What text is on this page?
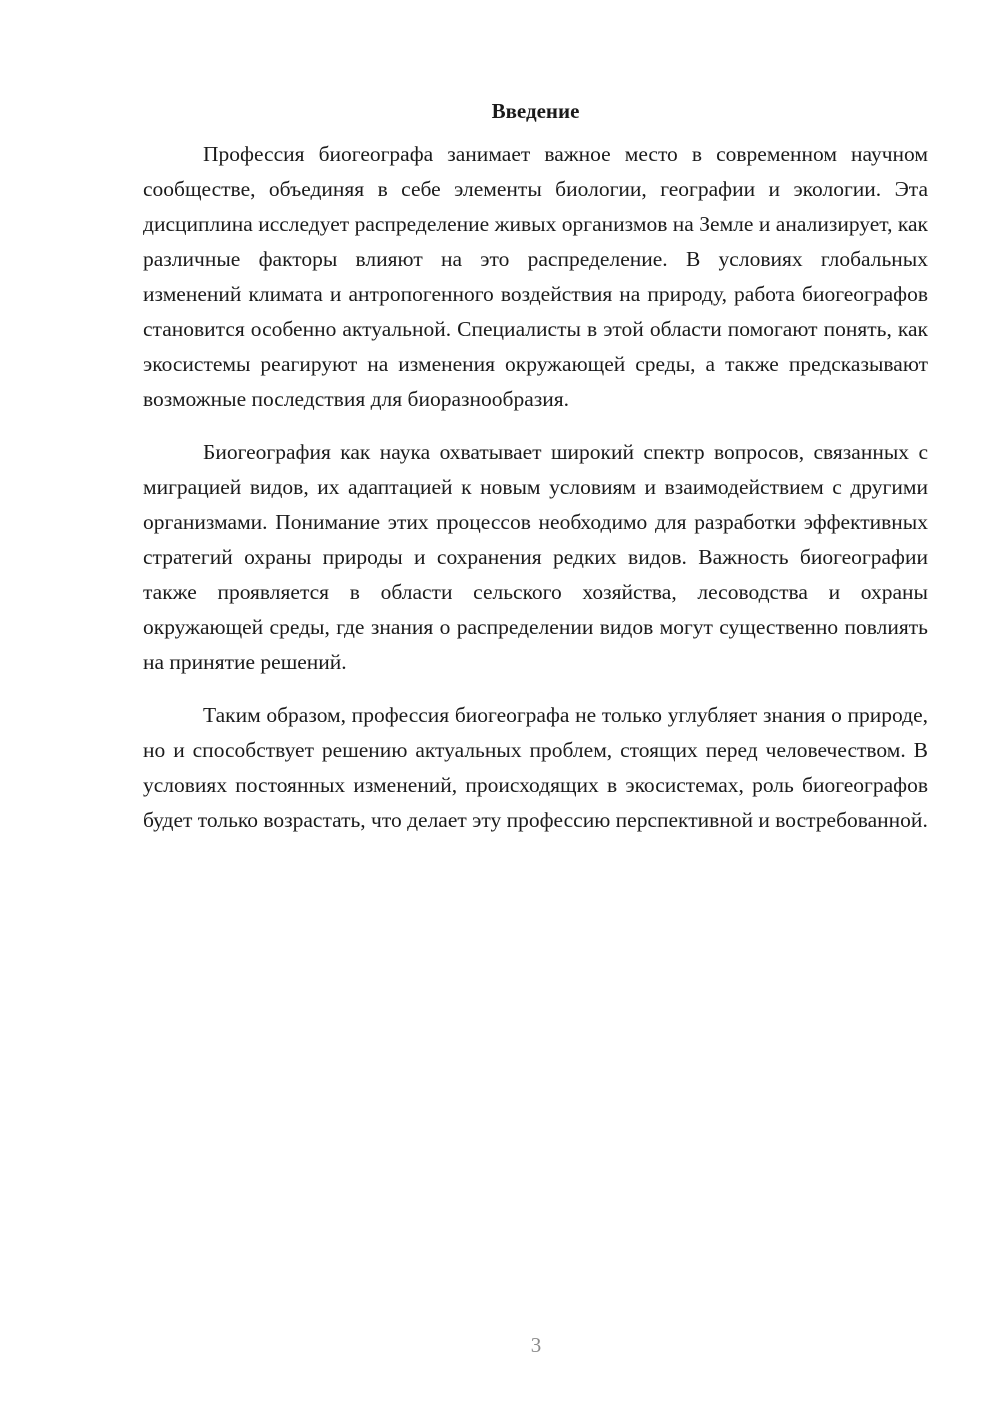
Введение

Профессия биогеографа занимает важное место в современном научном сообществе, объединяя в себе элементы биологии, географии и экологии. Эта дисциплина исследует распределение живых организмов на Земле и анализирует, как различные факторы влияют на это распределение. В условиях глобальных изменений климата и антропогенного воздействия на природу, работа биогеографов становится особенно актуальной. Специалисты в этой области помогают понять, как экосистемы реагируют на изменения окружающей среды, а также предсказывают возможные последствия для биоразнообразия.

Биогеография как наука охватывает широкий спектр вопросов, связанных с миграцией видов, их адаптацией к новым условиям и взаимодействием с другими организмами. Понимание этих процессов необходимо для разработки эффективных стратегий охраны природы и сохранения редких видов. Важность биогеографии также проявляется в области сельского хозяйства, лесоводства и охраны окружающей среды, где знания о распределении видов могут существенно повлиять на принятие решений.

Таким образом, профессия биогеографа не только углубляет знания о природе, но и способствует решению актуальных проблем, стоящих перед человечеством. В условиях постоянных изменений, происходящих в экосистемах, роль биогеографов будет только возрастать, что делает эту профессию перспективной и востребованной.

3
